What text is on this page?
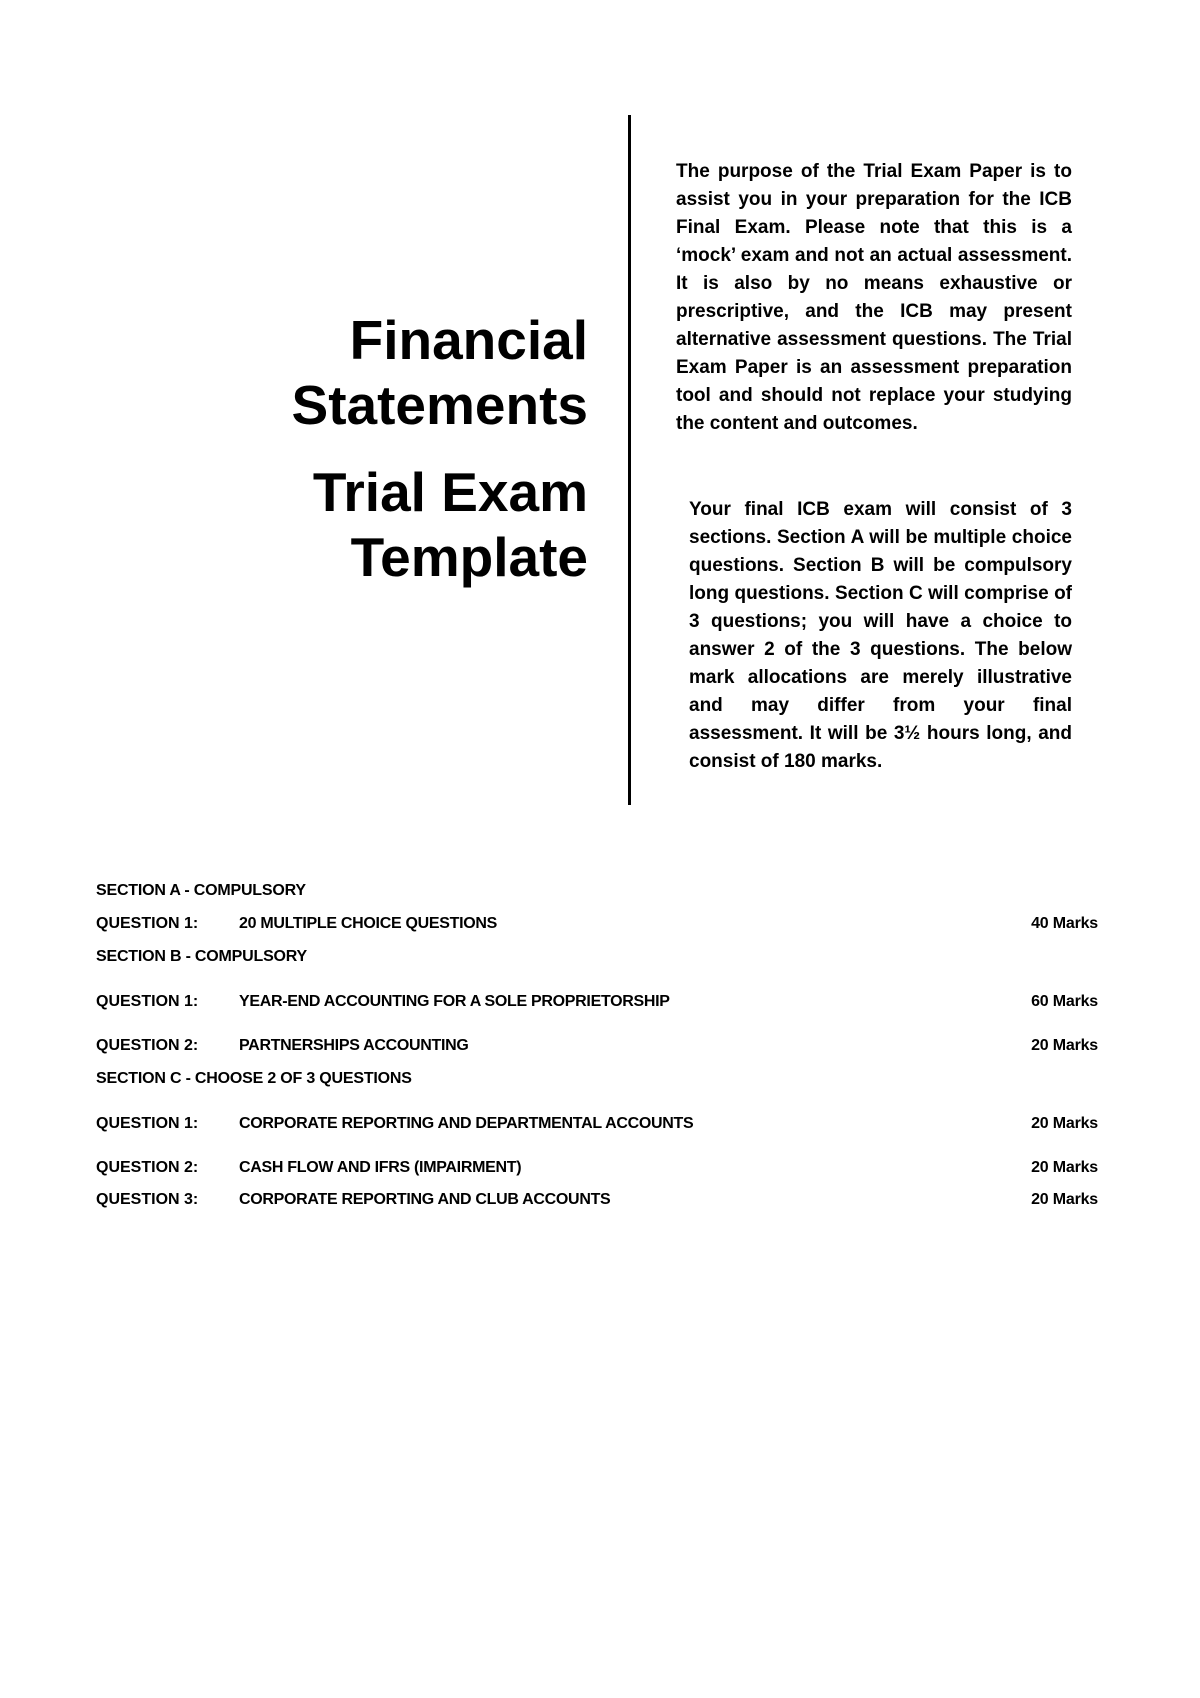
Financial
Statements
Trial Exam
Template

The purpose of the Trial Exam Paper is to assist you in your preparation for the ICB Final Exam. Please note that this is a ‘mock’ exam and not an actual assessment. It is also by no means exhaustive or prescriptive, and the ICB may present alternative assessment questions. The Trial Exam Paper is an assessment preparation tool and should not replace your studying the content and outcomes.

Your final ICB exam will consist of 3 sections. Section A will be multiple choice questions. Section B will be compulsory long questions. Section C will comprise of 3 questions; you will have a choice to answer 2 of the 3 questions. The below mark allocations are merely illustrative and may differ from your final assessment. It will be 3½ hours long, and consist of 180 marks.

SECTION A - COMPULSORY
QUESTION 1:	20 MULTIPLE CHOICE QUESTIONS	40 Marks
SECTION B - COMPULSORY
QUESTION 1:	YEAR-END ACCOUNTING FOR A SOLE PROPRIETORSHIP	60 Marks
QUESTION 2:	PARTNERSHIPS ACCOUNTING	20 Marks
SECTION C - CHOOSE 2 OF 3 QUESTIONS
QUESTION 1:	CORPORATE REPORTING AND DEPARTMENTAL ACCOUNTS	20 Marks
QUESTION 2:	CASH FLOW AND IFRS (IMPAIRMENT)	20 Marks
QUESTION 3:	CORPORATE REPORTING AND CLUB ACCOUNTS	20 Marks
